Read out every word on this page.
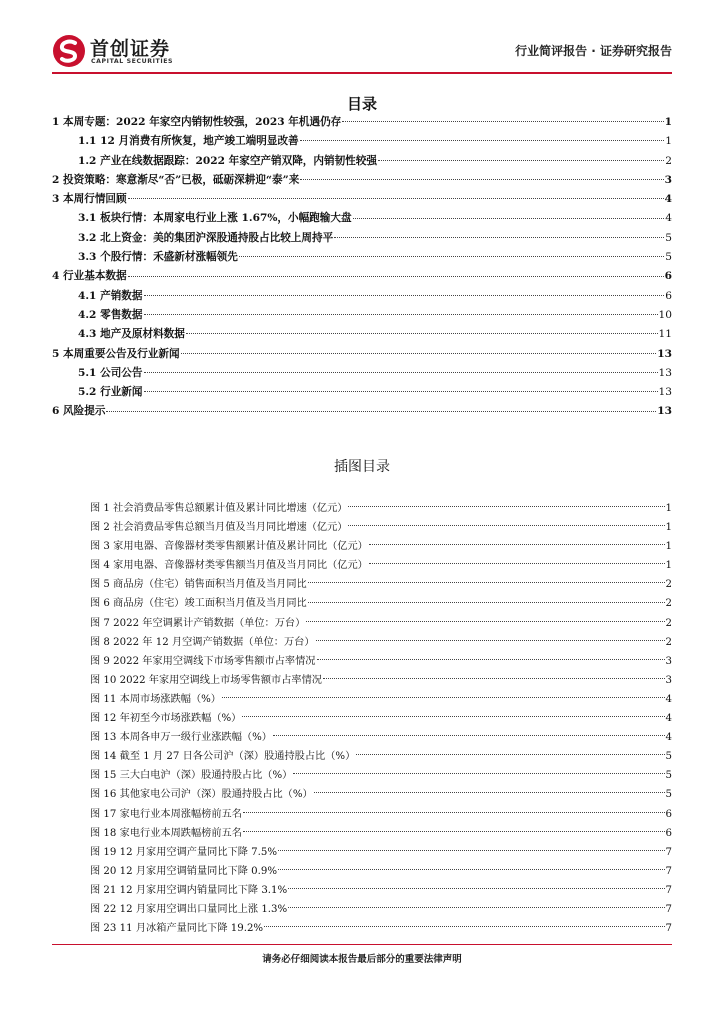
首创证券
CAPITAL SECURITIES
行业简评报告 · 证券研究报告
目录
1 本周专题：2022 年家空内销韧性较强，2023 年机遇仍存	1
1.1 12 月消费有所恢复，地产竣工端明显改善	1
1.2 产业在线数据跟踪：2022 年家空产销双降，内销韧性较强	2
2 投资策略：寒意渐尽“否”已极，砥砺深耕迎“泰”来	3
3 本周行情回顾	4
3.1 板块行情：本周家电行业上涨 1.67%，小幅跑输大盘	4
3.2 北上资金：美的集团沪深股通持股占比较上周持平	5
3.3 个股行情：禾盛新材涨幅领先	5
4 行业基本数据	6
4.1 产销数据	6
4.2 零售数据	10
4.3 地产及原材料数据	11
5 本周重要公告及行业新闻	13
5.1 公司公告	13
5.2 行业新闻	13
6 风险提示	13
插图目录
图 1 社会消费品零售总额累计值及累计同比增速（亿元）	1
图 2 社会消费品零售总额当月值及当月同比增速（亿元）	1
图 3 家用电器、音像器材类零售额累计值及累计同比（亿元）	1
图 4 家用电器、音像器材类零售额当月值及当月同比（亿元）	1
图 5 商品房（住宅）销售面积当月值及当月同比	2
图 6 商品房（住宅）竣工面积当月值及当月同比	2
图 7 2022 年空调累计产销数据（单位：万台）	2
图 8 2022 年 12 月空调产销数据（单位：万台）	2
图 9 2022 年家用空调线下市场零售额市占率情况	3
图 10 2022 年家用空调线上市场零售额市占率情况	3
图 11 本周市场涨跌幅（%）	4
图 12 年初至今市场涨跌幅（%）	4
图 13 本周各申万一级行业涨跌幅（%）	4
图 14 截至 1 月 27 日各公司沪（深）股通持股占比（%）	5
图 15 三大白电沪（深）股通持股占比（%）	5
图 16 其他家电公司沪（深）股通持股占比（%）	5
图 17 家电行业本周涨幅榜前五名	6
图 18 家电行业本周跌幅榜前五名	6
图 19 12 月家用空调产量同比下降 7.5%	7
图 20 12 月家用空调销量同比下降 0.9%	7
图 21 12 月家用空调内销量同比下降 3.1%	7
图 22 12 月家用空调出口量同比上涨 1.3%	7
图 23 11 月冰箱产量同比下降 19.2%	7
请务必仔细阅读本报告最后部分的重要法律声明
